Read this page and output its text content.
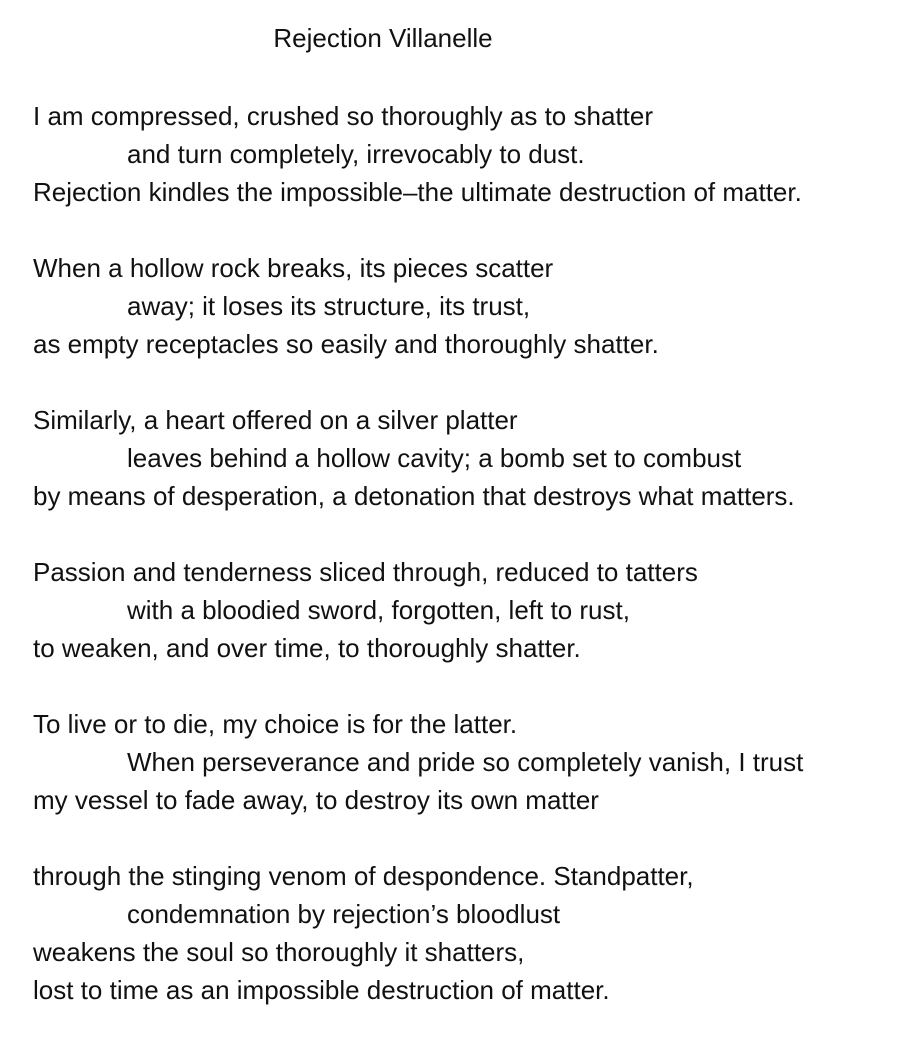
Rejection Villanelle
I am compressed, crushed so thoroughly as to shatter
and turn completely, irrevocably to dust.
Rejection kindles the impossible–the ultimate destruction of matter.
When a hollow rock breaks, its pieces scatter
away; it loses its structure, its trust,
as empty receptacles so easily and thoroughly shatter.
Similarly, a heart offered on a silver platter
leaves behind a hollow cavity; a bomb set to combust
by means of desperation, a detonation that destroys what matters.
Passion and tenderness sliced through, reduced to tatters
with a bloodied sword, forgotten, left to rust,
to weaken, and over time, to thoroughly shatter.
To live or to die, my choice is for the latter.
When perseverance and pride so completely vanish, I trust
my vessel to fade away, to destroy its own matter
through the stinging venom of despondence. Standpatter,
condemnation by rejection’s bloodlust
weakens the soul so thoroughly it shatters,
lost to time as an impossible destruction of matter.
